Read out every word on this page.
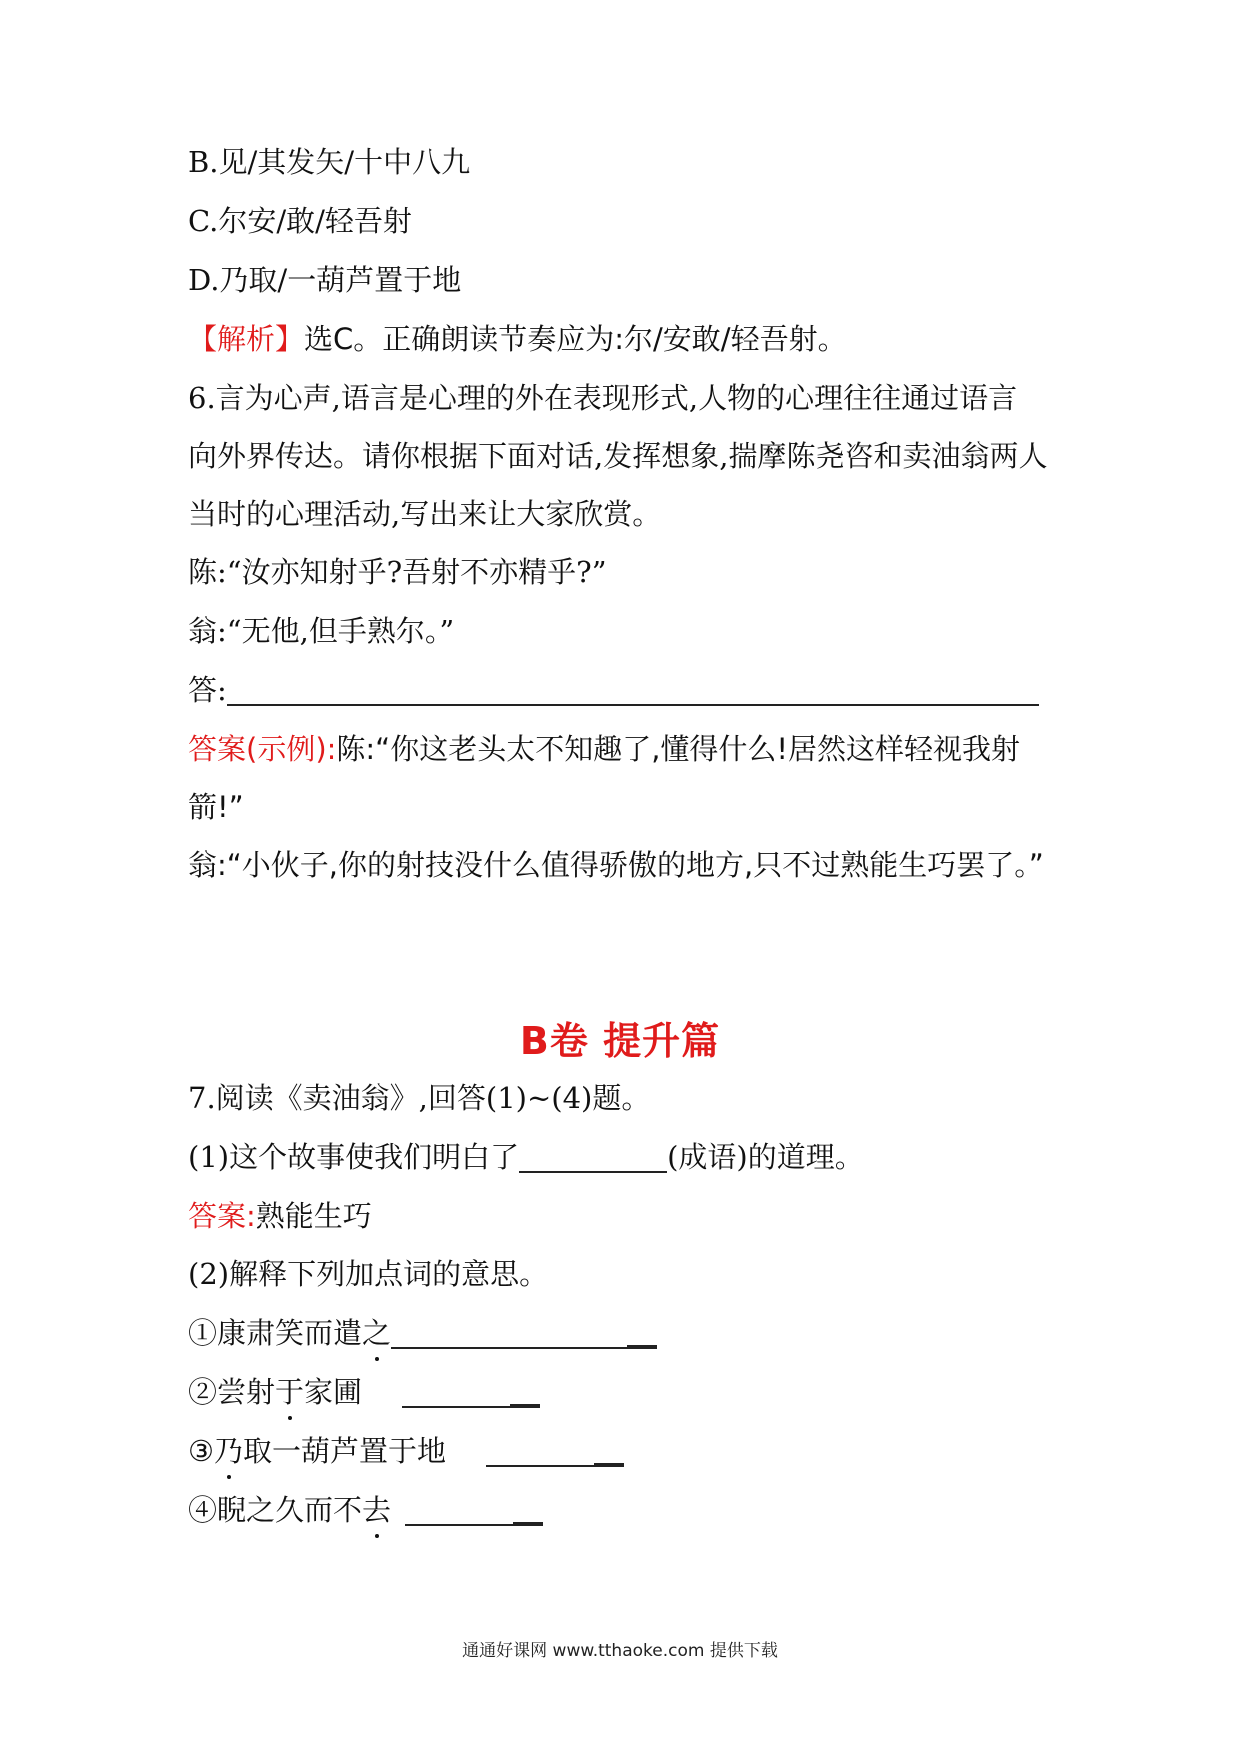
B.见/其发矢/十中八九
C.尔安/敢/轻吾射
D.乃取/一葫芦置于地
【解析】选C。正确朗读节奏应为:尔/安敢/轻吾射。
6.言为心声,语言是心理的外在表现形式,人物的心理往往通过语言
向外界传达。请你根据下面对话,发挥想象,揣摩陈尧咨和卖油翁两人
当时的心理活动,写出来让大家欣赏。
陈:“汝亦知射乎?吾射不亦精乎?”
翁:“无他,但手熟尔。”
答:
答案(示例):陈:“你这老头太不知趣了,懂得什么!居然这样轻视我射
箭!”
翁:“小伙子,你的射技没什么值得骄傲的地方,只不过熟能生巧罢了。”
B卷 提升篇
7.阅读《卖油翁》,回答(1)~(4)题。
(1)这个故事使我们明白了	(成语)的道理。
答案:熟能生巧
(2)解释下列加点词的意思。
①康肃笑而遣之
②尝射于家圃
③乃取一葫芦置于地
④睨之久而不去
通通好课网 www.tthaoke.com 提供下载
